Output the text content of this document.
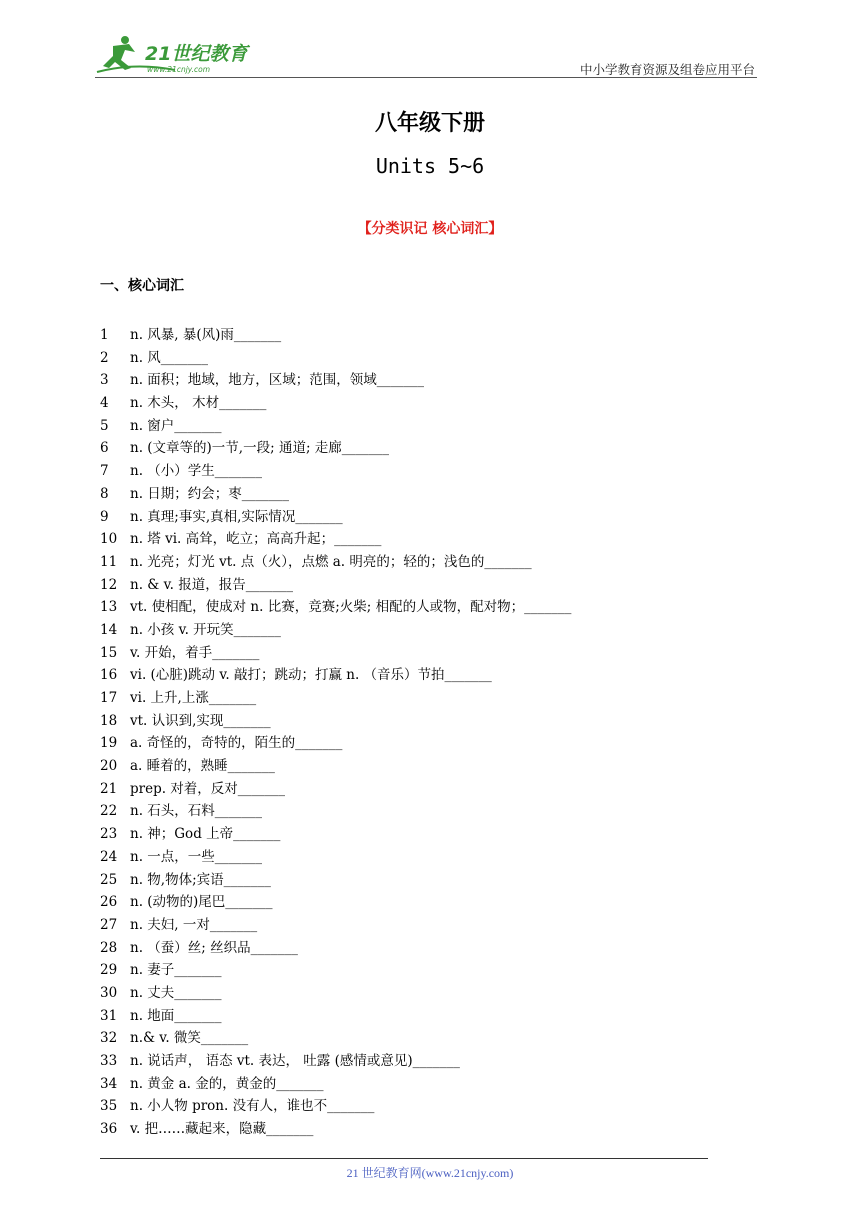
21世纪教育
www.21cnjy.com	中小学教育资源及组卷应用平台
八年级下册
Units 5~6
【分类识记 核心词汇】
一、核心词汇
1	n. 风暴, 暴(风)雨_______
2	n. 风_______
3	n. 面积；地域，地方，区域；范围，领域_______
4	n. 木头， 木材_______
5	n. 窗户_______
6	n. (文章等的)一节,一段; 通道; 走廊_______
7	n. （小）学生_______
8	n. 日期；约会；枣_______
9	n. 真理;事实,真相,实际情况_______
10 n. 塔 vi. 高耸，屹立；高高升起；_______
11 n. 光亮；灯光 vt. 点（火），点燃 a. 明亮的；轻的；浅色的_______
12 n. & v. 报道，报告_______
13 vt. 使相配，使成对 n. 比赛，竞赛;火柴; 相配的人或物，配对物；_______
14 n. 小孩 v. 开玩笑_______
15 v. 开始，着手_______
16 vi. (心脏)跳动 v. 敲打；跳动；打赢 n. （音乐）节拍_______
17 vi. 上升,上涨_______
18 vt. 认识到,实现_______
19 a. 奇怪的，奇特的，陌生的_______
20 a. 睡着的，熟睡_______
21 prep. 对着，反对_______
22 n. 石头，石料_______
23 n. 神；God 上帝_______
24 n. 一点，一些_______
25 n. 物,物体;宾语_______
26 n. (动物的)尾巴_______
27 n. 夫妇, 一对_______
28 n. （蚕）丝; 丝织品_______
29 n. 妻子_______
30 n. 丈夫_______
31 n. 地面_______
32 n.& v. 微笑_______
33 n. 说话声， 语态 vt. 表达， 吐露 (感情或意见)_______
34 n. 黄金 a. 金的，黄金的_______
35 n. 小人物 pron. 没有人，谁也不_______
36 v. 把……藏起来，隐藏_______
21 世纪教育网(www.21cnjy.com)
